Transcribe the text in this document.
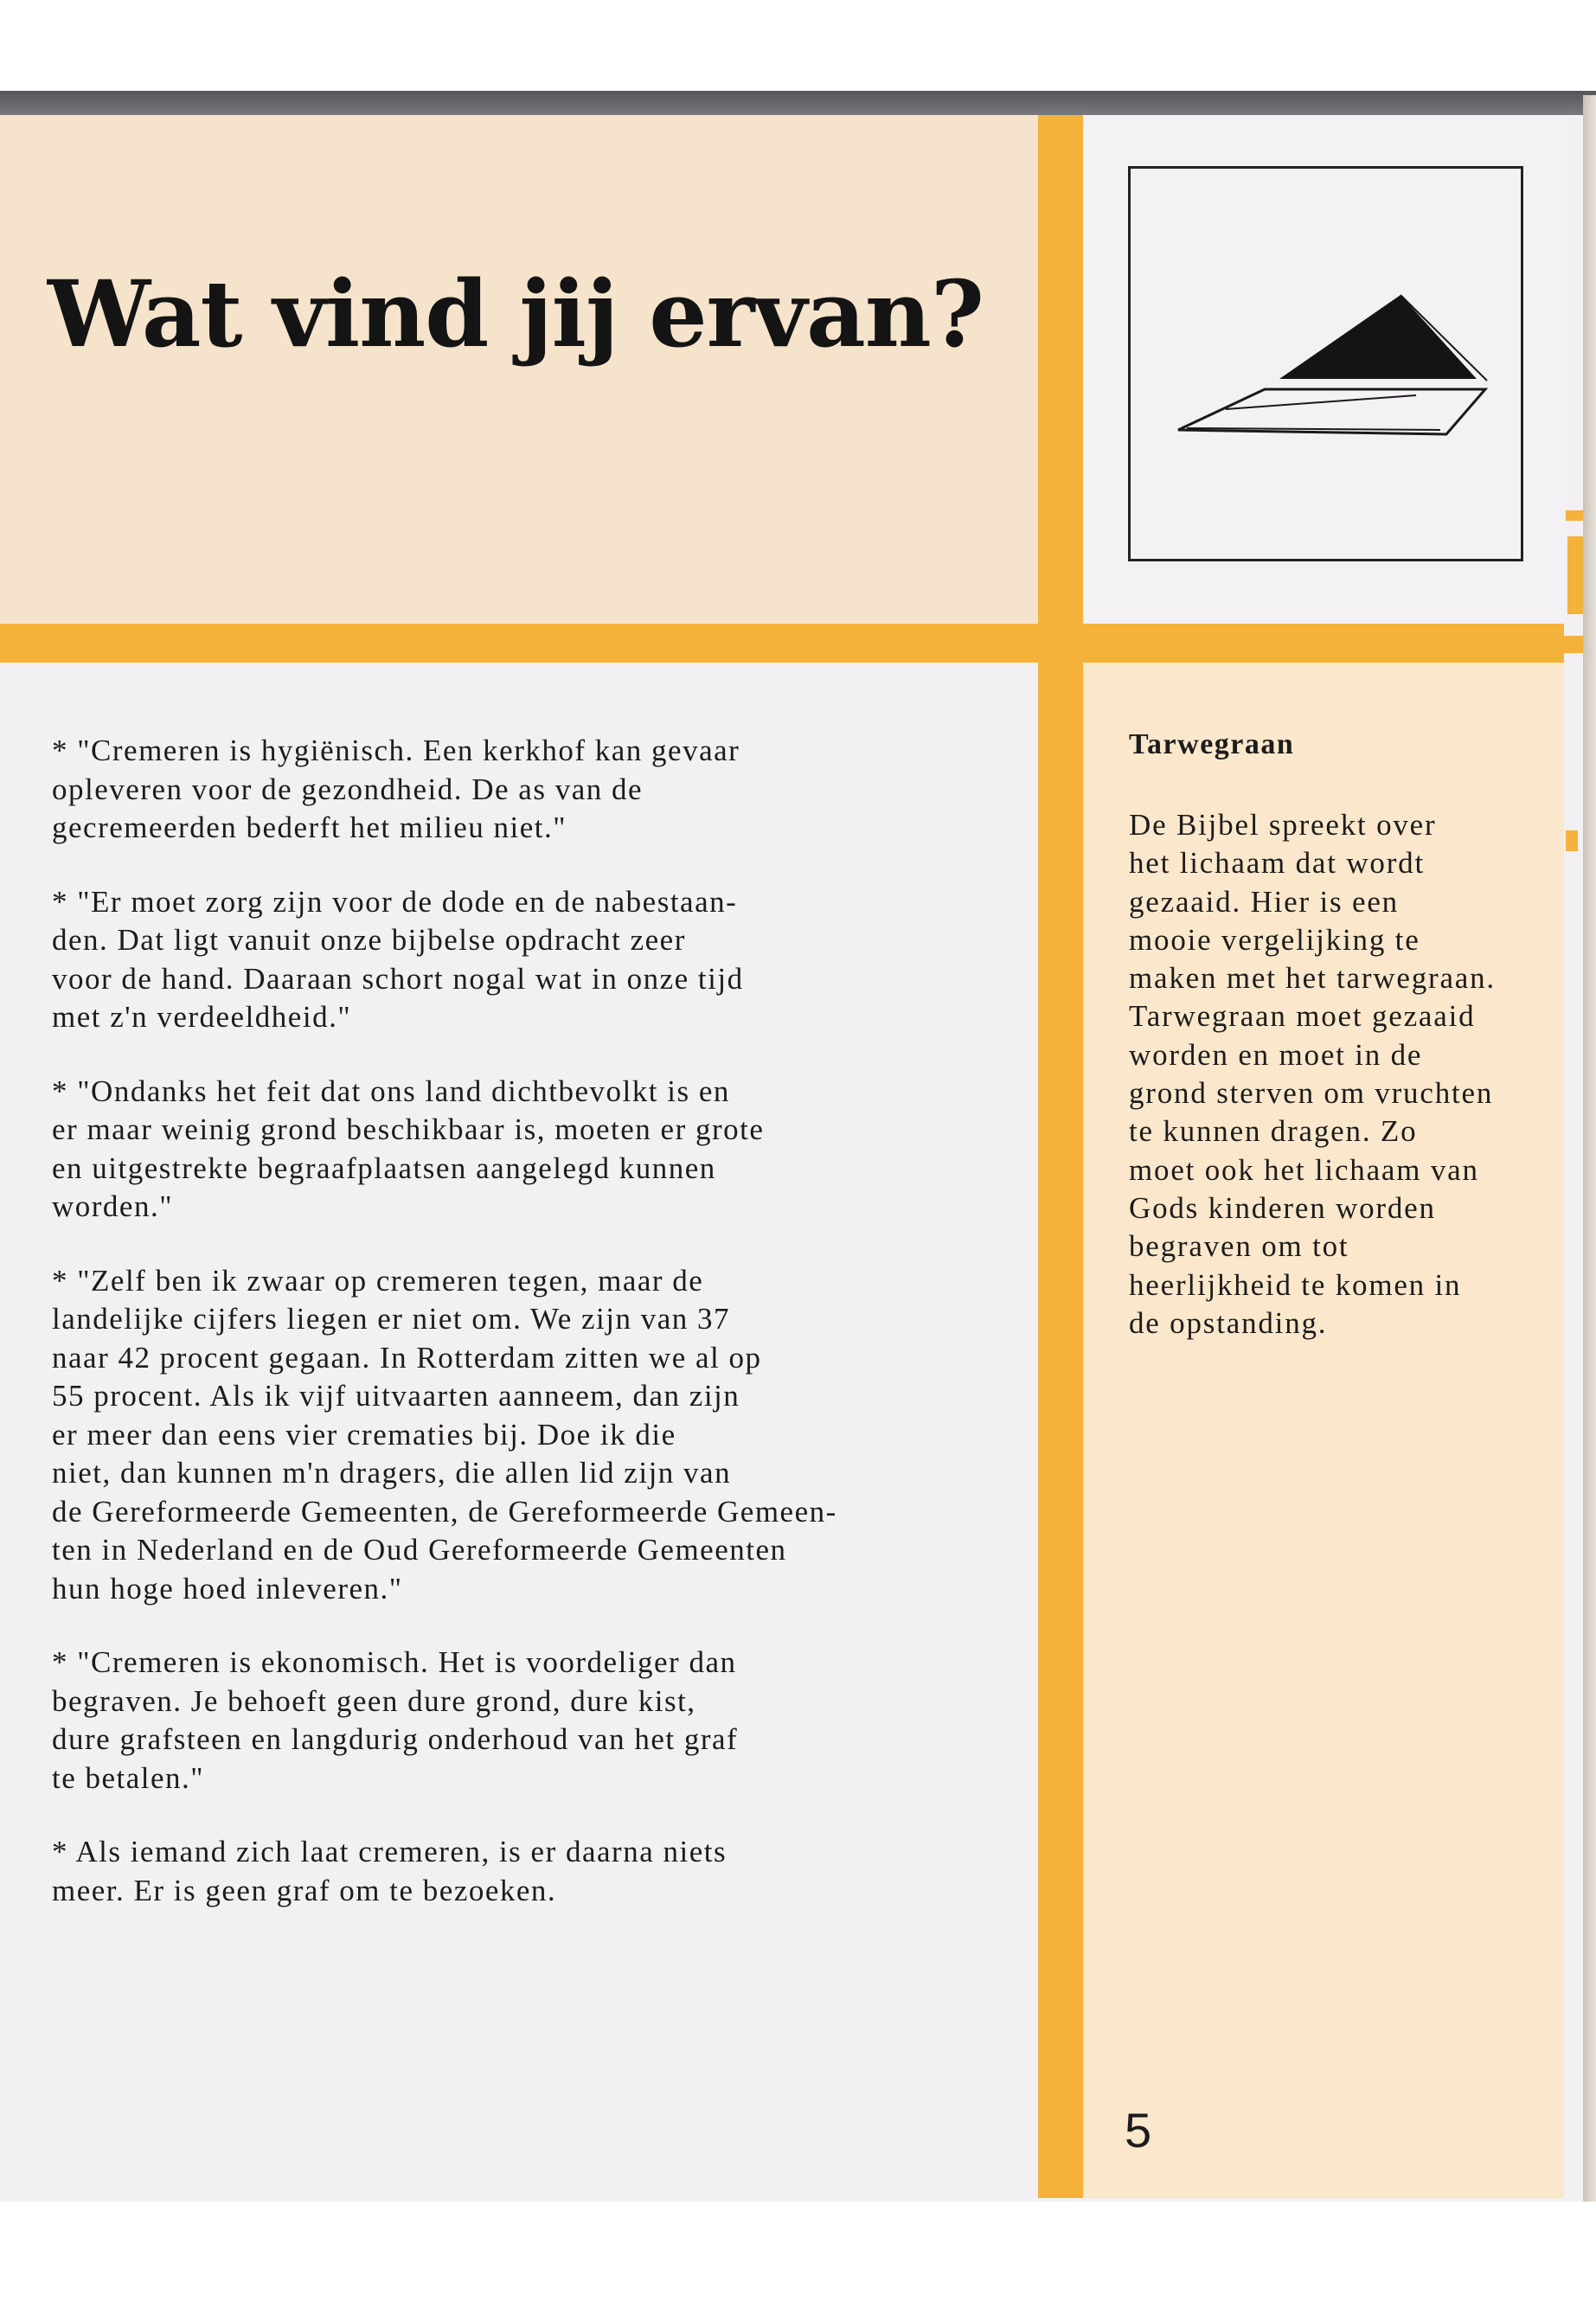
Wat vind jij ervan?

* "Cremeren is hygiënisch. Een kerkhof kan gevaar
opleveren voor de gezondheid. De as van de
gecremeerden bederft het milieu niet."

* "Er moet zorg zijn voor de dode en de nabestaan-
den. Dat ligt vanuit onze bijbelse opdracht zeer
voor de hand. Daaraan schort nogal wat in onze tijd
met z'n verdeeldheid."

* "Ondanks het feit dat ons land dichtbevolkt is en
er maar weinig grond beschikbaar is, moeten er grote
en uitgestrekte begraafplaatsen aangelegd kunnen
worden."

* "Zelf ben ik zwaar op cremeren tegen, maar de
landelijke cijfers liegen er niet om. We zijn van 37
naar 42 procent gegaan. In Rotterdam zitten we al op
55 procent. Als ik vijf uitvaarten aanneem, dan zijn
er meer dan eens vier crematies bij. Doe ik die
niet, dan kunnen m'n dragers, die allen lid zijn van
de Gereformeerde Gemeenten, de Gereformeerde Gemeen-
ten in Nederland en de Oud Gereformeerde Gemeenten
hun hoge hoed inleveren."

* "Cremeren is ekonomisch. Het is voordeliger dan
begraven. Je behoeft geen dure grond, dure kist,
dure grafsteen en langdurig onderhoud van het graf
te betalen."

* Als iemand zich laat cremeren, is er daarna niets
meer. Er is geen graf om te bezoeken.

Tarwegraan

De Bijbel spreekt over
het lichaam dat wordt
gezaaid. Hier is een
mooie vergelijking te
maken met het tarwegraan.
Tarwegraan moet gezaaid
worden en moet in de
grond sterven om vruchten
te kunnen dragen. Zo
moet ook het lichaam van
Gods kinderen worden
begraven om tot
heerlijkheid te komen in
de opstanding.

5
